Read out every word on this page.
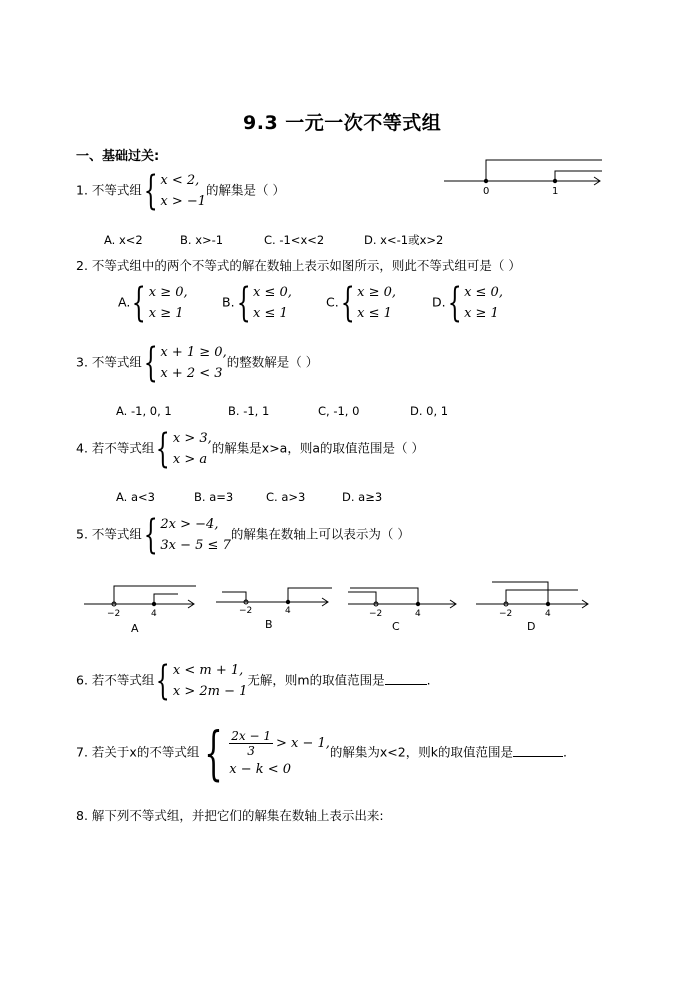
9.3 一元一次不等式组
一、基础过关:
0	1
1. 不等式组 { x < 2,
x > −1
的解集是（ ）
A. x<2	B. x>-1	C. -1<x<2	D. x<-1或x>2
2. 不等式组中的两个不等式的解在数轴上表示如图所示，则此不等式组可是（ ）
A. { x ≥ 0,
x ≥ 1
B. { x ≤ 0,
x ≤ 1
C. { x ≥ 0,
x ≤ 1
D. { x ≤ 0,
x ≥ 1
3. 不等式组 { x + 1 ≥ 0,
x + 2 < 3
的整数解是（ ）
A. -1, 0, 1	B. -1, 1	C, -1, 0	D. 0, 1
4. 若不等式组 { x > 3,
x > a
的解集是x>a，则a的取值范围是（ ）
A. a<3	B. a=3	C. a>3	D. a≥3
5. 不等式组 { 2x > −4,
3x − 5 ≤ 7
的解集在数轴上可以表示为（ ）
−2	4
A
−2	4
B
−2	4
C
−2	4
D
6. 若不等式组 { x < m + 1,
x > 2m − 1
无解，则m的取值范围是	.
7. 若关于x的不等式组 { $\frac{2x - 1}{3} > x - 1$,
x − k < 0
的解集为x<2，则k的取值范围是	.
8. 解下列不等式组，并把它们的解集在数轴上表示出来:
